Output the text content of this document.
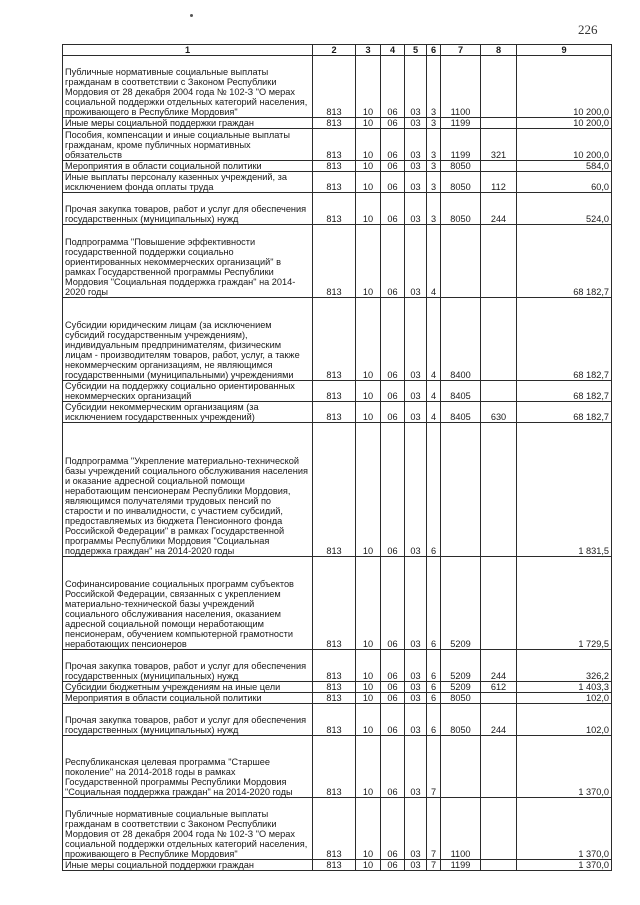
226
1	2	3	4	5	6	7	8	9
Публичные нормативные социальные выплаты гражданам в соответствии с Законом Республики Мордовия от 28 декабря 2004 года № 102-З "О мерах социальной поддержки отдельных категорий населения, проживающего в Республике Мордовия"	813	10	06	03	3	1100		10 200,0
Иные меры социальной поддержки граждан	813	10	06	03	3	1199		10 200,0
Пособия, компенсации и иные социальные выплаты гражданам, кроме публичных нормативных обязательств	813	10	06	03	3	1199	321	10 200,0
Мероприятия в области социальной политики	813	10	06	03	3	8050		584,0
Иные выплаты персоналу казенных учреждений, за исключением фонда оплаты труда	813	10	06	03	3	8050	112	60,0
Прочая закупка товаров, работ и услуг для обеспечения государственных (муниципальных) нужд	813	10	06	03	3	8050	244	524,0
Подпрограмма "Повышение эффективности государственной поддержки социально ориентированных некоммерческих организаций" в рамках Государственной программы Республики Мордовия "Социальная поддержка граждан" на 2014-2020 годы	813	10	06	03	4			68 182,7
Субсидии юридическим лицам (за исключением субсидий государственным учреждениям), индивидуальным предпринимателям, физическим лицам - производителям товаров, работ, услуг, а также некоммерческим организациям, не являющимся государственными (муниципальными) учреждениями	813	10	06	03	4	8400		68 182,7
Субсидии на поддержку социально ориентированных некоммерческих организаций	813	10	06	03	4	8405		68 182,7
Субсидии некоммерческим организациям (за исключением государственных учреждений)	813	10	06	03	4	8405	630	68 182,7
Подпрограмма "Укрепление материально-технической базы учреждений социального обслуживания населения и оказание адресной социальной помощи неработающим пенсионерам Республики Мордовия, являющимся получателями трудовых пенсий по старости и по инвалидности, с участием субсидий, предоставляемых из бюджета Пенсионного фонда Российской Федерации" в рамках Государственной программы Республики Мордовия "Социальная поддержка граждан" на 2014-2020 годы	813	10	06	03	6			1 831,5
Софинансирование социальных программ субъектов Российской Федерации, связанных с укреплением материально-технической базы учреждений социального обслуживания населения, оказанием адресной социальной помощи неработающим пенсионерам, обучением компьютерной грамотности неработающих пенсионеров	813	10	06	03	6	5209		1 729,5
Прочая закупка товаров, работ и услуг для обеспечения государственных (муниципальных) нужд	813	10	06	03	6	5209	244	326,2
Субсидии бюджетным учреждениям на иные цели	813	10	06	03	6	5209	612	1 403,3
Мероприятия в области социальной политики	813	10	06	03	6	8050		102,0
Прочая закупка товаров, работ и услуг для обеспечения государственных (муниципальных) нужд	813	10	06	03	6	8050	244	102,0
Республиканская целевая программа "Старшее поколение" на 2014-2018 годы в рамках Государственной программы Республики Мордовия "Социальная поддержка граждан" на 2014-2020 годы	813	10	06	03	7			1 370,0
Публичные нормативные социальные выплаты гражданам в соответствии с Законом Республики Мордовия от 28 декабря 2004 года № 102-З "О мерах социальной поддержки отдельных категорий населения, проживающего в Республике Мордовия"	813	10	06	03	7	1100		1 370,0
Иные меры социальной поддержки граждан	813	10	06	03	7	1199		1 370,0
